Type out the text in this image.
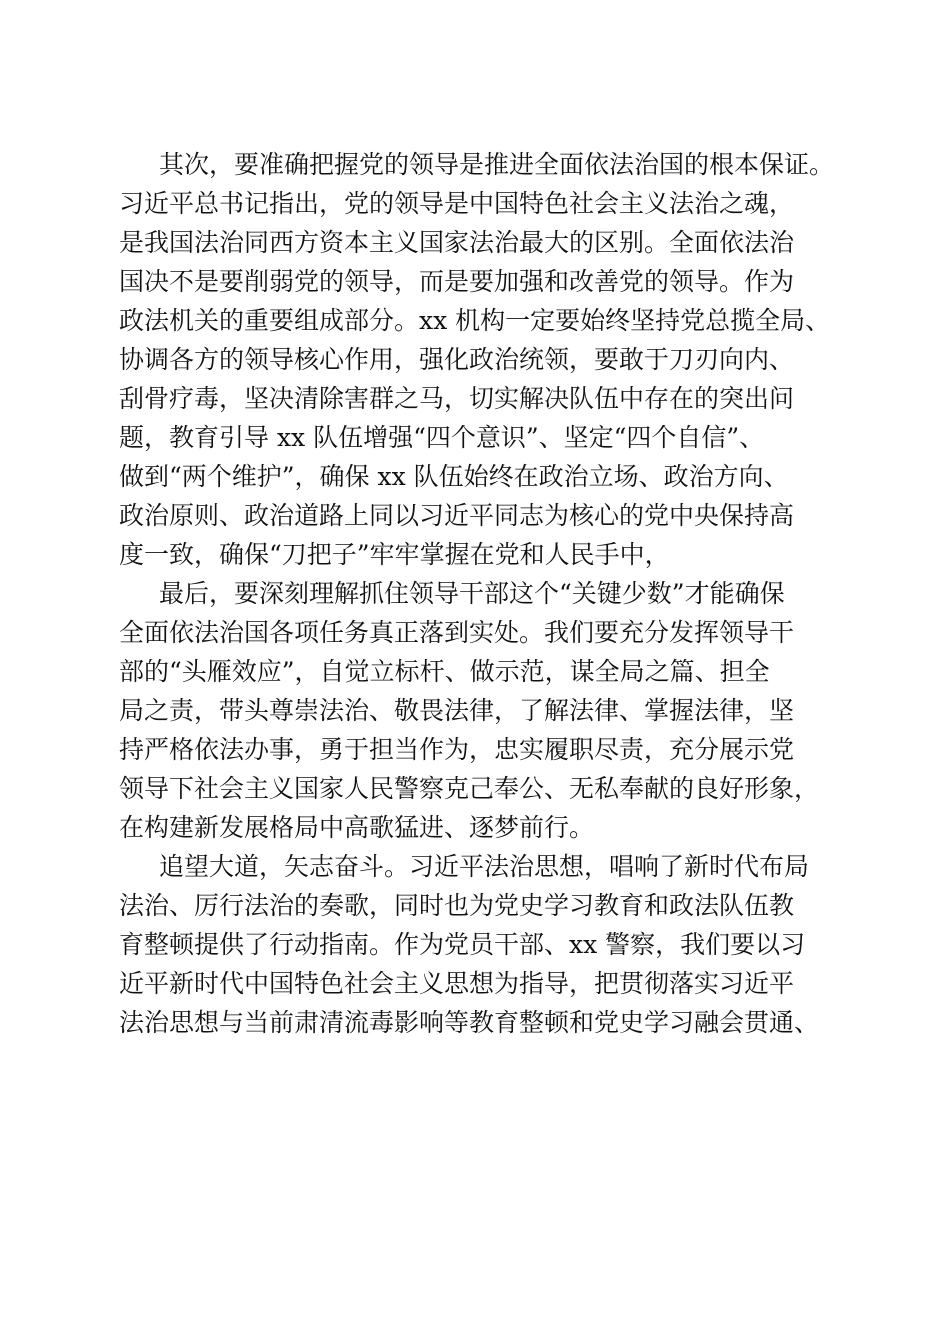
其次，要准确把握党的领导是推进全面依法治国的根本保证。
习近平总书记指出，党的领导是中国特色社会主义法治之魂，
是我国法治同西方资本主义国家法治最大的区别。全面依法治
国决不是要削弱党的领导，而是要加强和改善党的领导。作为
政法机关的重要组成部分。xx 机构一定要始终坚持党总揽全局、
协调各方的领导核心作用，强化政治统领，要敢于刀刃向内、
刮骨疗毒，坚决清除害群之马，切实解决队伍中存在的突出问
题，教育引导 xx 队伍增强“四个意识”、坚定“四个自信”、
做到“两个维护”，确保 xx 队伍始终在政治立场、政治方向、
政治原则、政治道路上同以习近平同志为核心的党中央保持高
度一致，确保“刀把子”牢牢掌握在党和人民手中，
最后，要深刻理解抓住领导干部这个“关键少数”才能确保
全面依法治国各项任务真正落到实处。我们要充分发挥领导干
部的“头雁效应”，自觉立标杆、做示范，谋全局之篇、担全
局之责，带头尊崇法治、敬畏法律，了解法律、掌握法律，坚
持严格依法办事，勇于担当作为，忠实履职尽责，充分展示党
领导下社会主义国家人民警察克己奉公、无私奉献的良好形象，
在构建新发展格局中高歌猛进、逐梦前行。
追望大道，矢志奋斗。习近平法治思想，唱响了新时代布局
法治、厉行法治的奏歌，同时也为党史学习教育和政法队伍教
育整顿提供了行动指南。作为党员干部、xx 警察，我们要以习
近平新时代中国特色社会主义思想为指导，把贯彻落实习近平
法治思想与当前肃清流毒影响等教育整顿和党史学习融会贯通、
